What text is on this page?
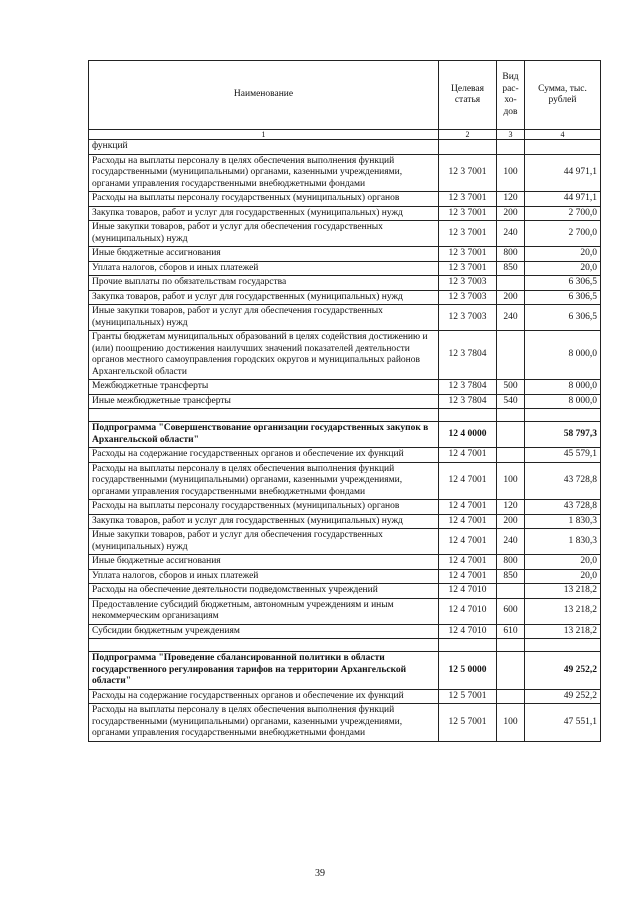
Наименование	Целевая статья	Вид рас-хо-дов	Сумма, тыс. рублей
1	2	3	4
функций			
Расходы на выплаты персоналу в целях обеспечения выполнения функций государственными (муниципальными) органами, казенными учреждениями, органами управления государственными внебюджетными фондами	12 3 7001	100	44 971,1
Расходы на выплаты персоналу государственных (муниципальных) органов	12 3 7001	120	44 971,1
Закупка товаров, работ и услуг для государственных (муниципальных) нужд	12 3 7001	200	2 700,0
Иные закупки товаров, работ и услуг для обеспечения государственных (муниципальных) нужд	12 3 7001	240	2 700,0
Иные бюджетные ассигнования	12 3 7001	800	20,0
Уплата налогов, сборов и иных платежей	12 3 7001	850	20,0
Прочие выплаты по обязательствам государства	12 3 7003		6 306,5
Закупка товаров, работ и услуг для государственных (муниципальных) нужд	12 3 7003	200	6 306,5
Иные закупки товаров, работ и услуг для обеспечения государственных (муниципальных) нужд	12 3 7003	240	6 306,5
Гранты бюджетам муниципальных образований в целях содействия достижению и (или) поощрению достижения наилучших значений показателей деятельности органов местного самоуправления городских округов и муниципальных районов Архангельской области	12 3 7804		8 000,0
Межбюджетные трансферты	12 3 7804	500	8 000,0
Иные межбюджетные трансферты	12 3 7804	540	8 000,0

Подпрограмма "Совершенствование организации государственных закупок в Архангельской области"	12 4 0000		58 797,3
Расходы на содержание государственных органов и обеспечение их функций	12 4 7001		45 579,1
Расходы на выплаты персоналу в целях обеспечения выполнения функций государственными (муниципальными) органами, казенными учреждениями, органами управления государственными внебюджетными фондами	12 4 7001	100	43 728,8
Расходы на выплаты персоналу государственных (муниципальных) органов	12 4 7001	120	43 728,8
Закупка товаров, работ и услуг для государственных (муниципальных) нужд	12 4 7001	200	1 830,3
Иные закупки товаров, работ и услуг для обеспечения государственных (муниципальных) нужд	12 4 7001	240	1 830,3
Иные бюджетные ассигнования	12 4 7001	800	20,0
Уплата налогов, сборов и иных платежей	12 4 7001	850	20,0
Расходы на обеспечение деятельности подведомственных учреждений	12 4 7010		13 218,2
Предоставление субсидий бюджетным, автономным учреждениям и иным некоммерческим организациям	12 4 7010	600	13 218,2
Субсидии бюджетным учреждениям	12 4 7010	610	13 218,2

Подпрограмма "Проведение сбалансированной политики в области государственного регулирования тарифов на территории Архангельской области"	12 5 0000		49 252,2
Расходы на содержание государственных органов и обеспечение их функций	12 5 7001		49 252,2
Расходы на выплаты персоналу в целях обеспечения выполнения функций государственными (муниципальными) органами, казенными учреждениями, органами управления государственными внебюджетными фондами	12 5 7001	100	47 551,1
39
